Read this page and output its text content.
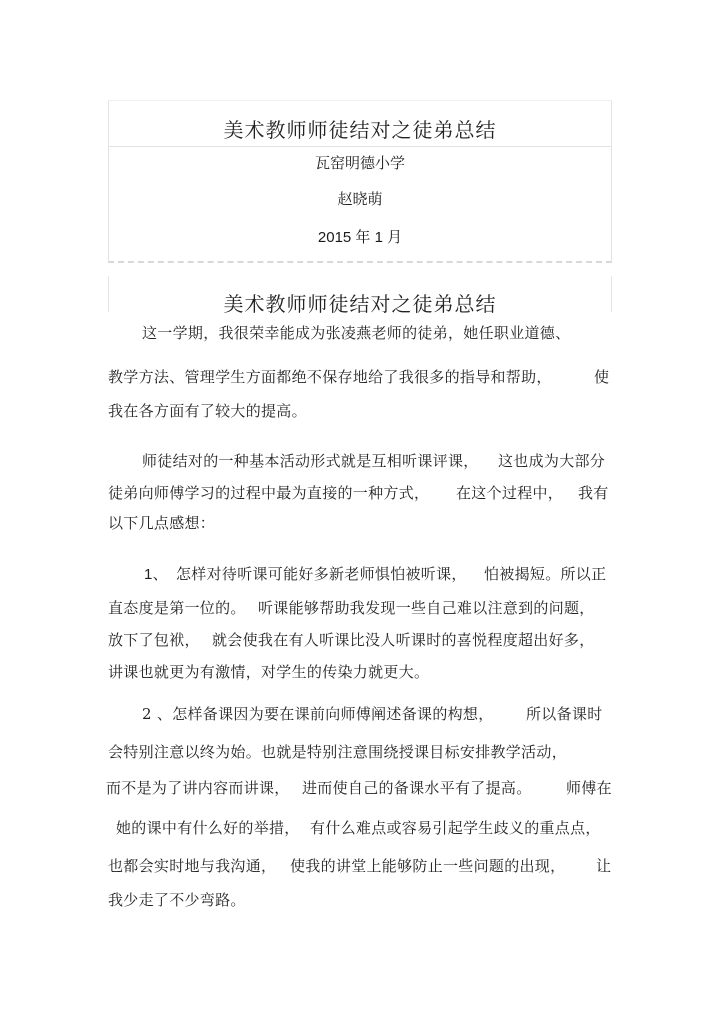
美术教师师徒结对之徒弟总结
瓦窑明德小学
赵晓萌
2015 年 1 月
美术教师师徒结对之徒弟总结
这一学期，我很荣幸能成为张凌燕老师的徒弟，她任职业道德、
教学方法、管理学生方面都绝不保存地给了我很多的指导和帮助，	使
我在各方面有了较大的提高。
师徒结对的一种基本活动形式就是互相听课评课， 这也成为大部分
徒弟向师傅学习的过程中最为直接的一种方式， 在这个过程中， 我有
以下几点感想：
1、 怎样对待听课可能好多新老师惧怕被听课， 怕被揭短。所以正
直态度是第一位的。 听课能够帮助我发现一些自己难以注意到的问题，
放下了包袱， 就会使我在有人听课比没人听课时的喜悦程度超出好多，
讲课也就更为有激情，对学生的传染力就更大。
2 、怎样备课因为要在课前向师傅阐述备课的构想， 所以备课时
会特别注意以终为始。也就是特别注意围绕授课目标安排教学活动，
而不是为了讲内容而讲课， 进而使自己的备课水平有了提高。 师傅在
她的课中有什么好的举措， 有什么难点或容易引起学生歧义的重点点，
也都会实时地与我沟通， 使我的讲堂上能够防止一些问题的出现， 让
我少走了不少弯路。
